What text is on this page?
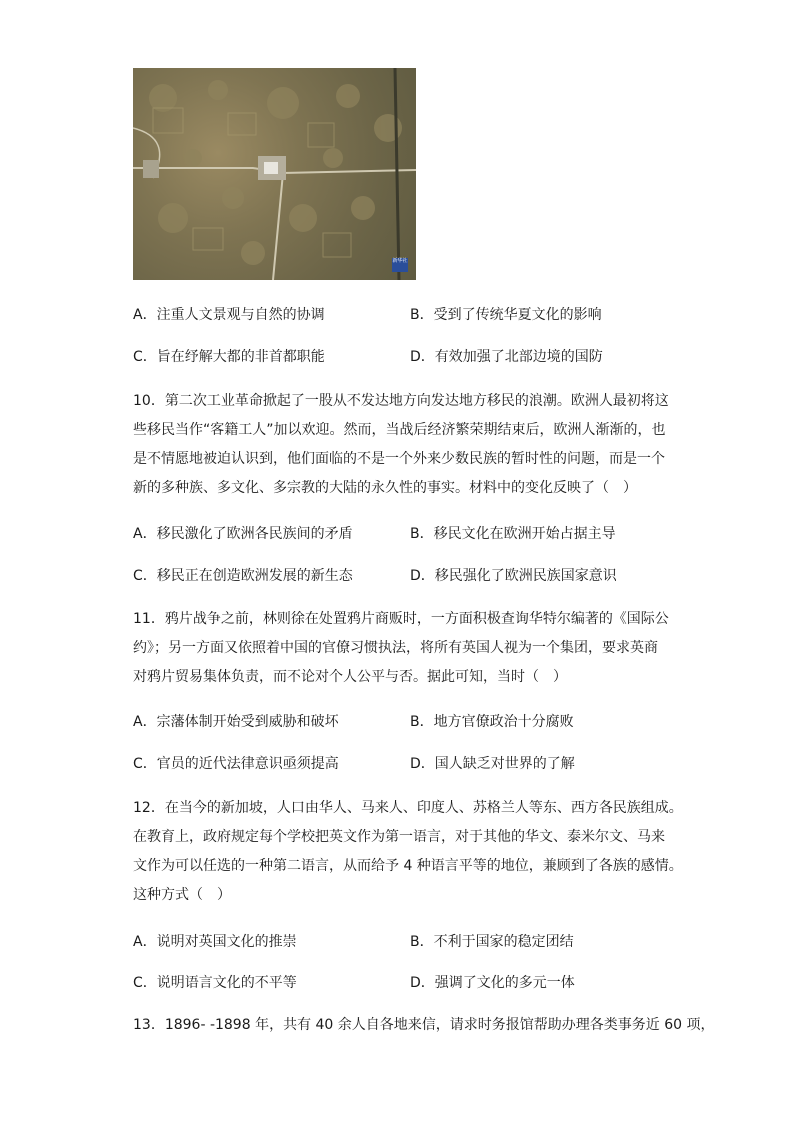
新华社
A．注重人文景观与自然的协调	B．受到了传统华夏文化的影响
C．旨在纾解大都的非首都职能	D．有效加强了北部边境的国防
10．第二次工业革命掀起了一股从不发达地方向发达地方移民的浪潮。欧洲人最初将这
些移民当作“客籍工人”加以欢迎。然而，当战后经济繁荣期结束后，欧洲人渐渐的，也
是不情愿地被迫认识到，他们面临的不是一个外来少数民族的暂时性的问题，而是一个
新的多种族、多文化、多宗教的大陆的永久性的事实。材料中的变化反映了（　）
A．移民激化了欧洲各民族间的矛盾	B．移民文化在欧洲开始占据主导
C．移民正在创造欧洲发展的新生态	D．移民强化了欧洲民族国家意识
11．鸦片战争之前，林则徐在处置鸦片商贩时，一方面积极查询华特尔编著的《国际公
约》；另一方面又依照着中国的官僚习惯执法，将所有英国人视为一个集团，要求英商
对鸦片贸易集体负责，而不论对个人公平与否。据此可知，当时（　）
A．宗藩体制开始受到威胁和破坏	B．地方官僚政治十分腐败
C．官员的近代法律意识亟须提高	D．国人缺乏对世界的了解
12．在当今的新加坡，人口由华人、马来人、印度人、苏格兰人等东、西方各民族组成。
在教育上，政府规定每个学校把英文作为第一语言，对于其他的华文、泰米尔文、马来
文作为可以任选的一种第二语言，从而给予 4 种语言平等的地位，兼顾到了各族的感情。
这种方式（　）
A．说明对英国文化的推崇	B．不利于国家的稳定团结
C．说明语言文化的不平等	D．强调了文化的多元一体
13．1896- -1898 年，共有 40 余人自各地来信，请求时务报馆帮助办理各类事务近 60 项，
